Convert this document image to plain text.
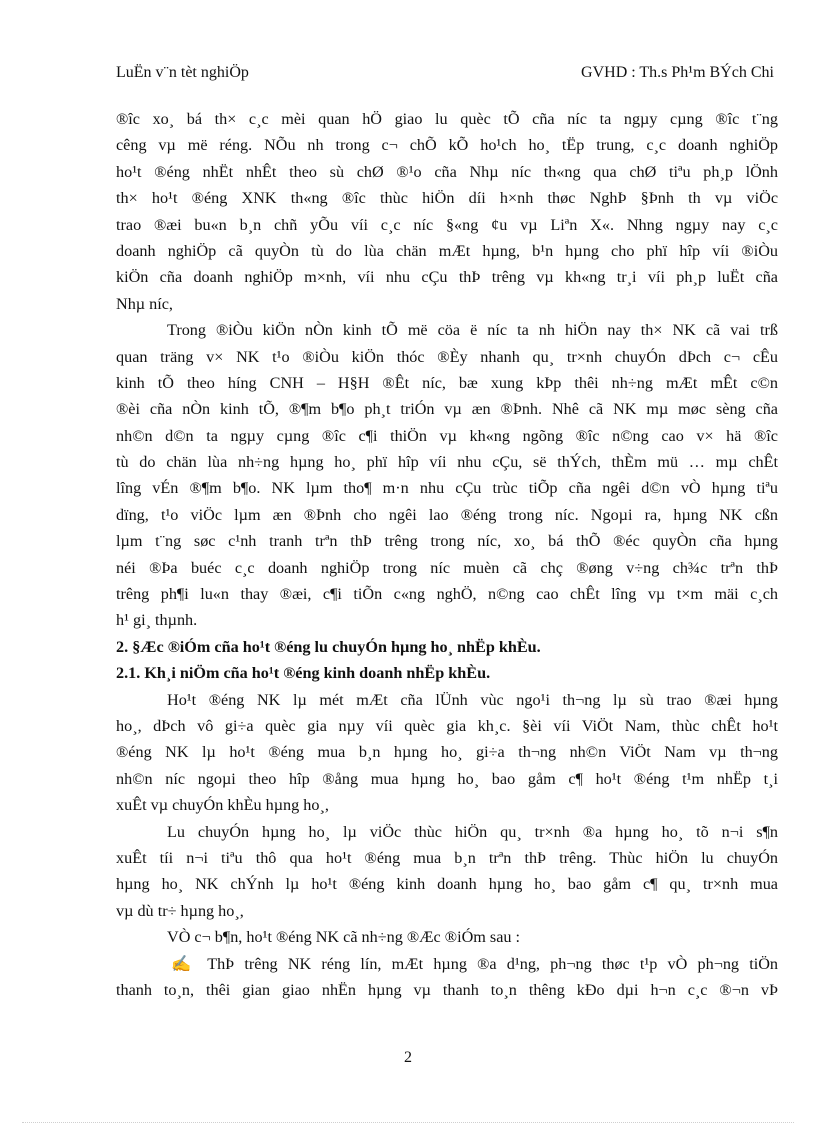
LuËn v¨n tèt nghiÖp	GVHD : Th.s Ph¹m BÝch Chi
®îc xo¸ bá th× c¸c mèi quan hÖ giao lu quèc tÕ cña níc ta ngµy cµng ®îc t¨ng
cêng vµ më réng. NÕu nh trong c¬ chÕ kÕ ho¹ch ho¸ tËp trung, c¸c doanh nghiÖp
ho¹t ®éng nhËt nhÊt theo sù chØ ®¹o cña Nhµ níc th«ng qua chØ tiªu ph¸p lÖnh
th× ho¹t ®éng XNK th«ng ®îc thùc hiÖn díi h×nh thøc NghÞ §Þnh th vµ viÖc
trao ®æi bu«n b¸n chñ yÕu víi c¸c níc §«ng ¢u vµ Liªn X«. Nhng ngµy nay c¸c
doanh nghiÖp cã quyÒn tù do lùa chän mÆt hµng, b¹n hµng cho phï hîp víi ®iÒu
kiÖn cña doanh nghiÖp m×nh, víi nhu cÇu thÞ trêng vµ kh«ng tr¸i víi ph¸p luËt cña
Nhµ níc,
Trong ®iÒu kiÖn nÒn kinh tÕ më cöa ë níc ta nh hiÖn nay th× NK cã vai trß
quan träng v× NK t¹o ®iÒu kiÖn thóc ®Èy nhanh qu¸ tr×nh chuyÓn dÞch c¬ cÊu
kinh tÕ theo híng CNH – H§H ®Êt níc, bæ xung kÞp thêi nh÷ng mÆt mÊt c©n
®èi cña nÒn kinh tÕ, ®¶m b¶o ph¸t triÓn vµ æn ®Þnh. Nhê cã NK mµ møc sèng cña
nh©n d©n ta ngµy cµng ®îc c¶i thiÖn vµ kh«ng ngõng ®îc n©ng cao v× hä ®îc
tù do chän lùa nh÷ng hµng ho¸ phï hîp víi nhu cÇu, së thÝch, thÈm mü … mµ chÊt
lîng vÉn ®¶m b¶o. NK lµm tho¶ m·n nhu cÇu trùc tiÕp cña ngêi d©n vÒ hµng tiªu
dïng, t¹o viÖc lµm æn ®Þnh cho ngêi lao ®éng trong níc. Ngoµi ra, hµng NK cßn
lµm t¨ng søc c¹nh tranh trªn thÞ trêng trong níc, xo¸ bá thÕ ®éc quyÒn cña hµng
néi ®Þa buéc c¸c doanh nghiÖp trong níc muèn cã chç ®øng v÷ng ch¾c trªn thÞ
trêng ph¶i lu«n thay ®æi, c¶i tiÕn c«ng nghÖ, n©ng cao chÊt lîng vµ t×m mäi c¸ch
h¹ gi¸ thµnh.
2. §Æc ®iÓm cña ho¹t ®éng lu chuyÓn hµng ho¸ nhËp khÈu.
2.1. Kh¸i niÖm cña ho¹t ®éng kinh doanh nhËp khÈu.
Ho¹t ®éng NK lµ mét mÆt cña lÜnh vùc ngo¹i th¬ng lµ sù trao ®æi hµng
ho¸, dÞch vô gi÷a quèc gia nµy víi quèc gia kh¸c. §èi víi ViÖt Nam, thùc chÊt ho¹t
®éng NK lµ ho¹t ®éng mua b¸n hµng ho¸ gi÷a th¬ng nh©n ViÖt Nam vµ th¬ng
nh©n níc ngoµi theo hîp ®ång mua hµng ho¸ bao gåm c¶ ho¹t ®éng t¹m nhËp t¸i
xuÊt vµ chuyÓn khÈu hµng ho¸,
Lu chuyÓn hµng ho¸ lµ viÖc thùc hiÖn qu¸ tr×nh ®a hµng ho¸ tõ n¬i s¶n
xuÊt tíi n¬i tiªu thô qua ho¹t ®éng mua b¸n trªn thÞ trêng. Thùc hiÖn lu chuyÓn
hµng ho¸ NK chÝnh lµ ho¹t ®éng kinh doanh hµng ho¸ bao gåm c¶ qu¸ tr×nh mua
vµ dù tr÷ hµng ho¸,
VÒ c¬ b¶n, ho¹t ®éng NK cã nh÷ng ®Æc ®iÓm sau :
✍ ThÞ trêng NK réng lín, mÆt hµng ®a d¹ng, ph¬ng thøc t¹p vÒ ph¬ng tiÖn
thanh to¸n, thêi gian giao nhËn hµng vµ thanh to¸n thêng kÐo dµi h¬n c¸c ®¬n vÞ
2
